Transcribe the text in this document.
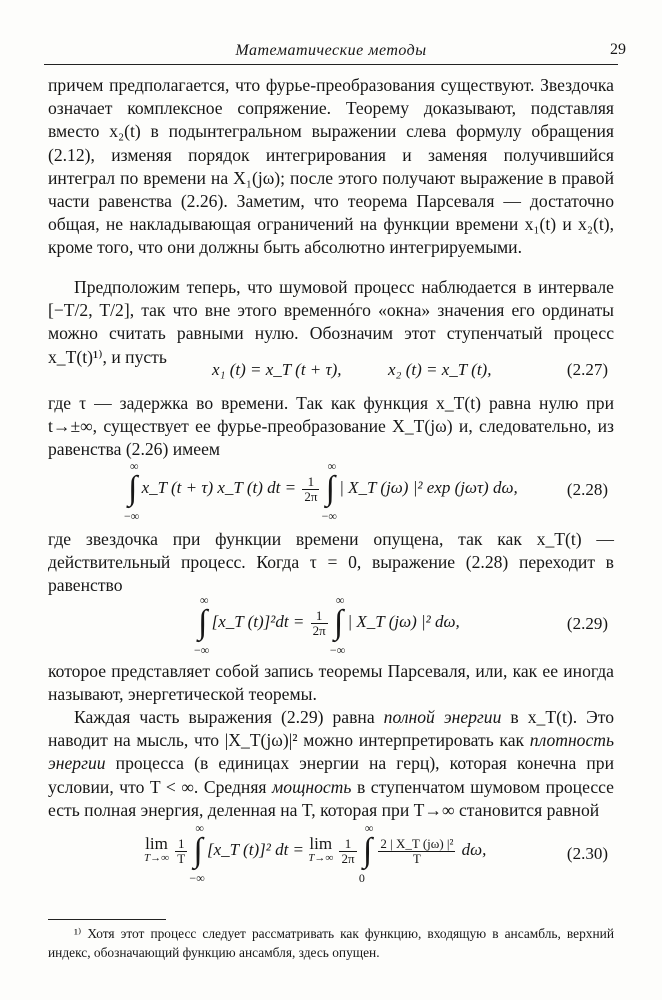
Математические методы	29

причем предполагается, что фурье-преобразования существуют. Звездочка означает комплексное сопряжение. Теорему доказывают, подставляя вместо x₂(t) в подынтегральном выражении слева формулу обращения (2.12), изменяя порядок интегрирования и заменяя получившийся интеграл по времени на X₁(jω); после этого получают выражение в правой части равенства (2.26). Заметим, что теорема Парсеваля — достаточно общая, не накладывающая ограничений на функции времени x₁(t) и x₂(t), кроме того, что они должны быть абсолютно интегрируемыми.

Предположим теперь, что шумовой процесс наблюдается в интервале [−T/2, T/2], так что вне этого временнóго «окна» значения его ординаты можно считать равными нулю. Обозначим этот ступенчатый процесс x_T(t)¹⁾, и пусть

x₁ (t) = x_T (t + τ),	x₂ (t) = x_T (t),	(2.27)

где τ — задержка во времени. Так как функция x_T(t) равна нулю при t→±∞, существует ее фурье-преобразование X_T(jω) и, следовательно, из равенства (2.26) имеем

∫
∞
−∞
x_T (t + τ) x_T (t) dt = $\frac{1}{2\pi}$ ∫
∞
−∞
| X_T (jω) |² exp (jωτ) dω,	(2.28)

где звездочка при функции времени опущена, так как x_T(t) — действительный процесс. Когда τ = 0, выражение (2.28) переходит в равенство

∫
∞
−∞
[x_T $(t)]^2dt = \frac{1}{2\pi}$ ∫
∞
−∞
| X_T (jω) |² dω,	(2.29)

которое представляет собой запись теоремы Парсеваля, или, как ее иногда называют, энергетической теоремы.

Каждая часть выражения (2.29) равна полной энергии в x_T(t). Это наводит на мысль, что |X_T(jω)|² можно интерпретировать как плотность энергии процесса (в единицах энергии на герц), которая конечна при условии, что T < ∞. Средняя мощность в ступенчатом шумовом процессе есть полная энергия, деленная на T, которая при T→∞ становится равной

lim
T→∞
$\frac{1}{T}$ ∫
∞
−∞
[x_T (t)]² dt = lim
T→∞
$\frac{1}{2\pi}$ ∫
∞
0

$\frac{\text{2 | X\_T (jω) |²}}{T} d\omega$,	(2.30)

¹⁾ Хотя этот процесс следует рассматривать как функцию, входящую в ансамбль, верхний индекс, обозначающий функцию ансамбля, здесь опущен.
